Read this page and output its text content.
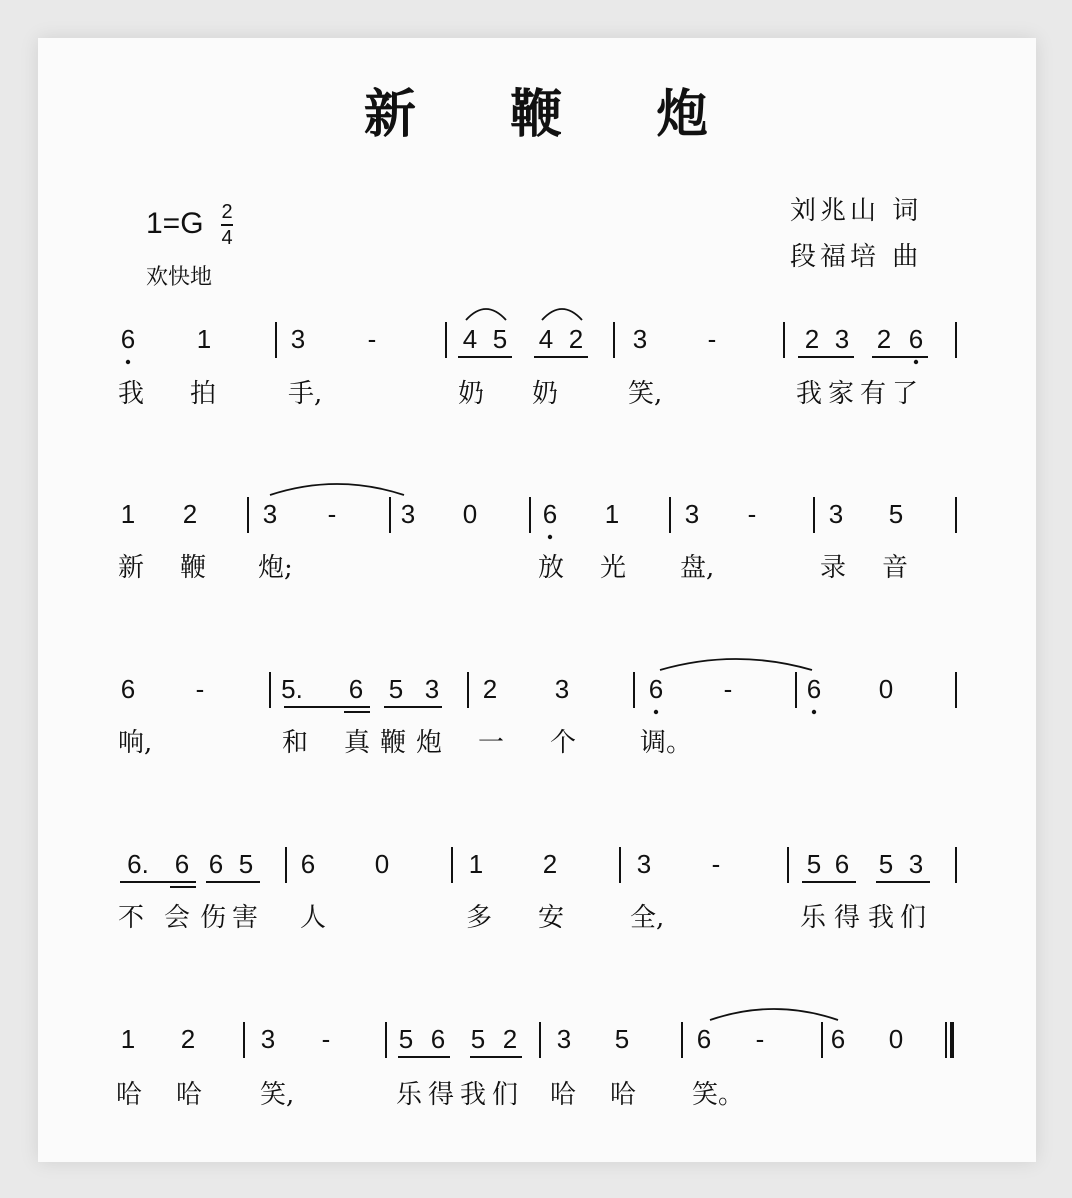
新 鞭 炮
1=G 2
4
欢快地
刘兆山 词
段福培 曲
6 1	3 -	4 5 4 2 3 -	2 3 2 6
我 拍	手,	奶 奶	笑,	我 家 有 了
1 2	3 - 3 0	6 1	3 -	3 5
新 鞭 炮;	放 光 盘,	录 音
6 -	5. 6 5 3 2 3	6 -	6 0
响,	和 真 鞭 炮 一 个 调。
6. 6 6 5 6 0	1 2	3 -	5 6 5 3
不 会 伤 害 人	多 安	全,	乐 得 我 们
1 2	3 -	5 6 5 2 3 5	6 -	6 0
哈 哈 笑,	乐 得 我 们 哈 哈 笑。
